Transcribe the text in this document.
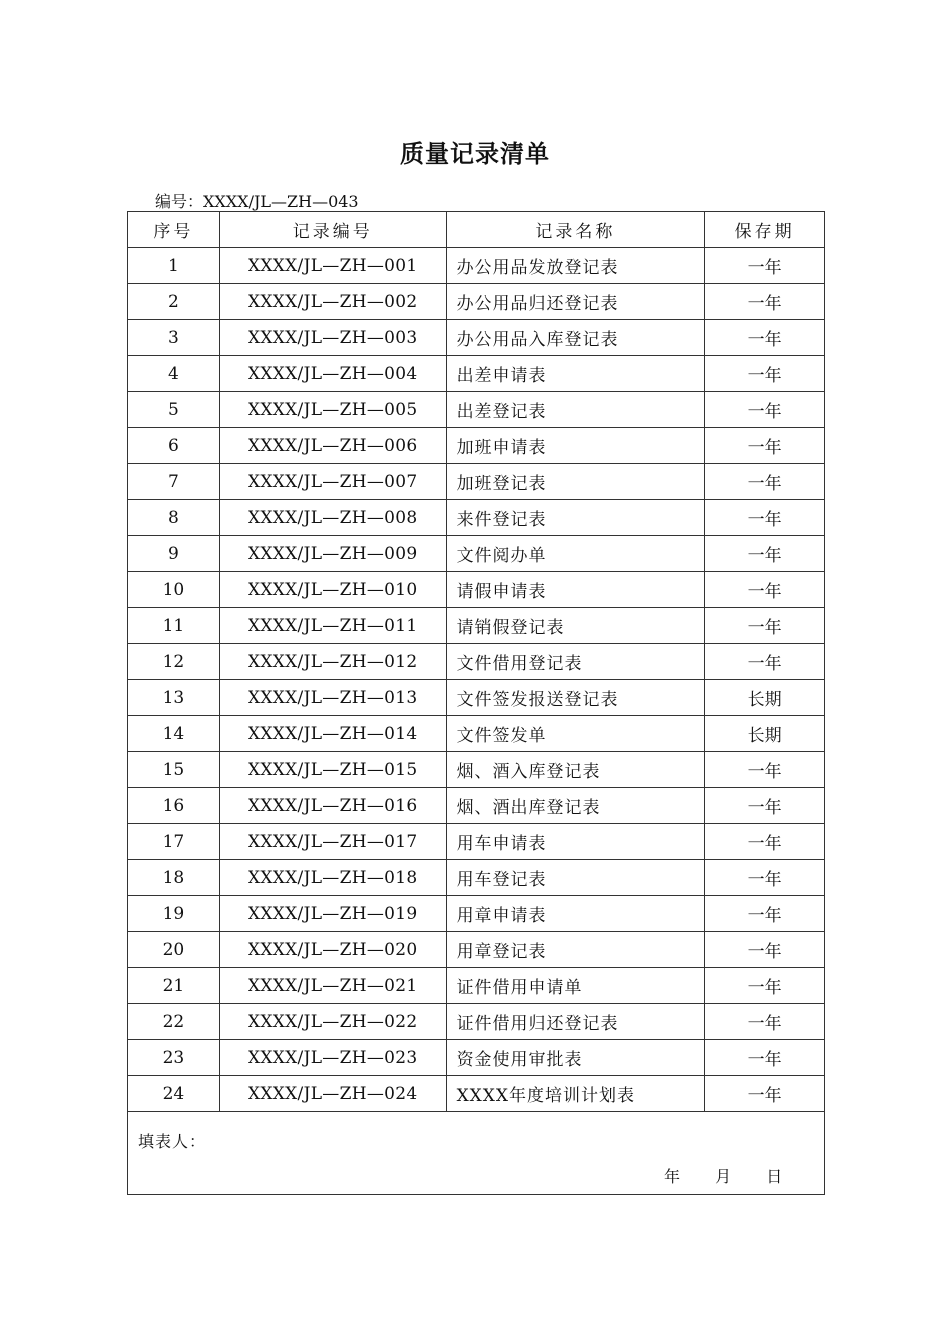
质量记录清单
编号：XXXX/JL—ZH—043
序号	记录编号	记录名称	保存期
1	XXXX/JL—ZH—001	办公用品发放登记表	一年
2	XXXX/JL—ZH—002	办公用品归还登记表	一年
3	XXXX/JL—ZH—003	办公用品入库登记表	一年
4	XXXX/JL—ZH—004	出差申请表	一年
5	XXXX/JL—ZH—005	出差登记表	一年
6	XXXX/JL—ZH—006	加班申请表	一年
7	XXXX/JL—ZH—007	加班登记表	一年
8	XXXX/JL—ZH—008	来件登记表	一年
9	XXXX/JL—ZH—009	文件阅办单	一年
10	XXXX/JL—ZH—010	请假申请表	一年
11	XXXX/JL—ZH—011	请销假登记表	一年
12	XXXX/JL—ZH—012	文件借用登记表	一年
13	XXXX/JL—ZH—013	文件签发报送登记表	长期
14	XXXX/JL—ZH—014	文件签发单	长期
15	XXXX/JL—ZH—015	烟、酒入库登记表	一年
16	XXXX/JL—ZH—016	烟、酒出库登记表	一年
17	XXXX/JL—ZH—017	用车申请表	一年
18	XXXX/JL—ZH—018	用车登记表	一年
19	XXXX/JL—ZH—019	用章申请表	一年
20	XXXX/JL—ZH—020	用章登记表	一年
21	XXXX/JL—ZH—021	证件借用申请单	一年
22	XXXX/JL—ZH—022	证件借用归还登记表	一年
23	XXXX/JL—ZH—023	资金使用审批表	一年
24	XXXX/JL—ZH—024	XXXX年度培训计划表	一年

填表人：
年 月 日			
